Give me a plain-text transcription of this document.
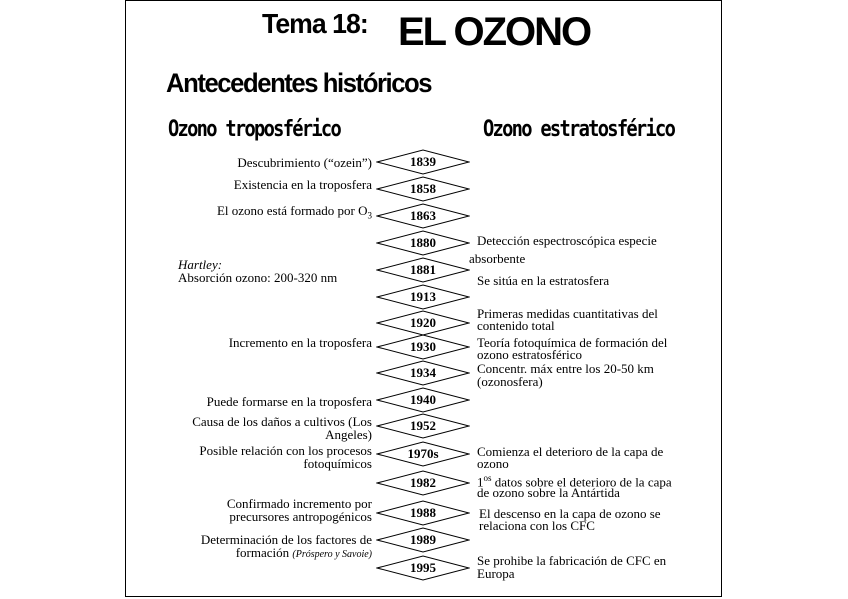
Tema 18: EL OZONO
Antecedentes históricos
Ozono troposférico	Ozono estratosférico
1839
1858
1863
1880
1881
1913
1920
1930
1934
1940
1952
1970s
1982
1988
1989
1995
Descubrimiento (“ozein”)
Existencia en la troposfera
El ozono está formado por $O_3$
Hartley:
Absorción ozono: 200-320 nm
Incremento en la troposfera
Puede formarse en la troposfera
Causa de los daños a cultivos (Los
Angeles)
Posible relación con los procesos
fotoquímicos
Confirmado incremento por
precursores antropogénicos
Determinación de los factores de
formación (Próspero y Savoie)
Detección espectroscópica especie
absorbente
Se sitúa en la estratosfera
Primeras medidas cuantitativas del
contenido total
Teoría fotoquímica de formación del
ozono estratosférico
Concentr. máx entre los 20-50 km
(ozonosfera)
Comienza el deterioro de la capa de
ozono
$1^{os}$ datos sobre el deterioro de la capa
de ozono sobre la Antártida
El descenso en la capa de ozono se
relaciona con los CFC
Se prohibe la fabricación de CFC en
Europa
